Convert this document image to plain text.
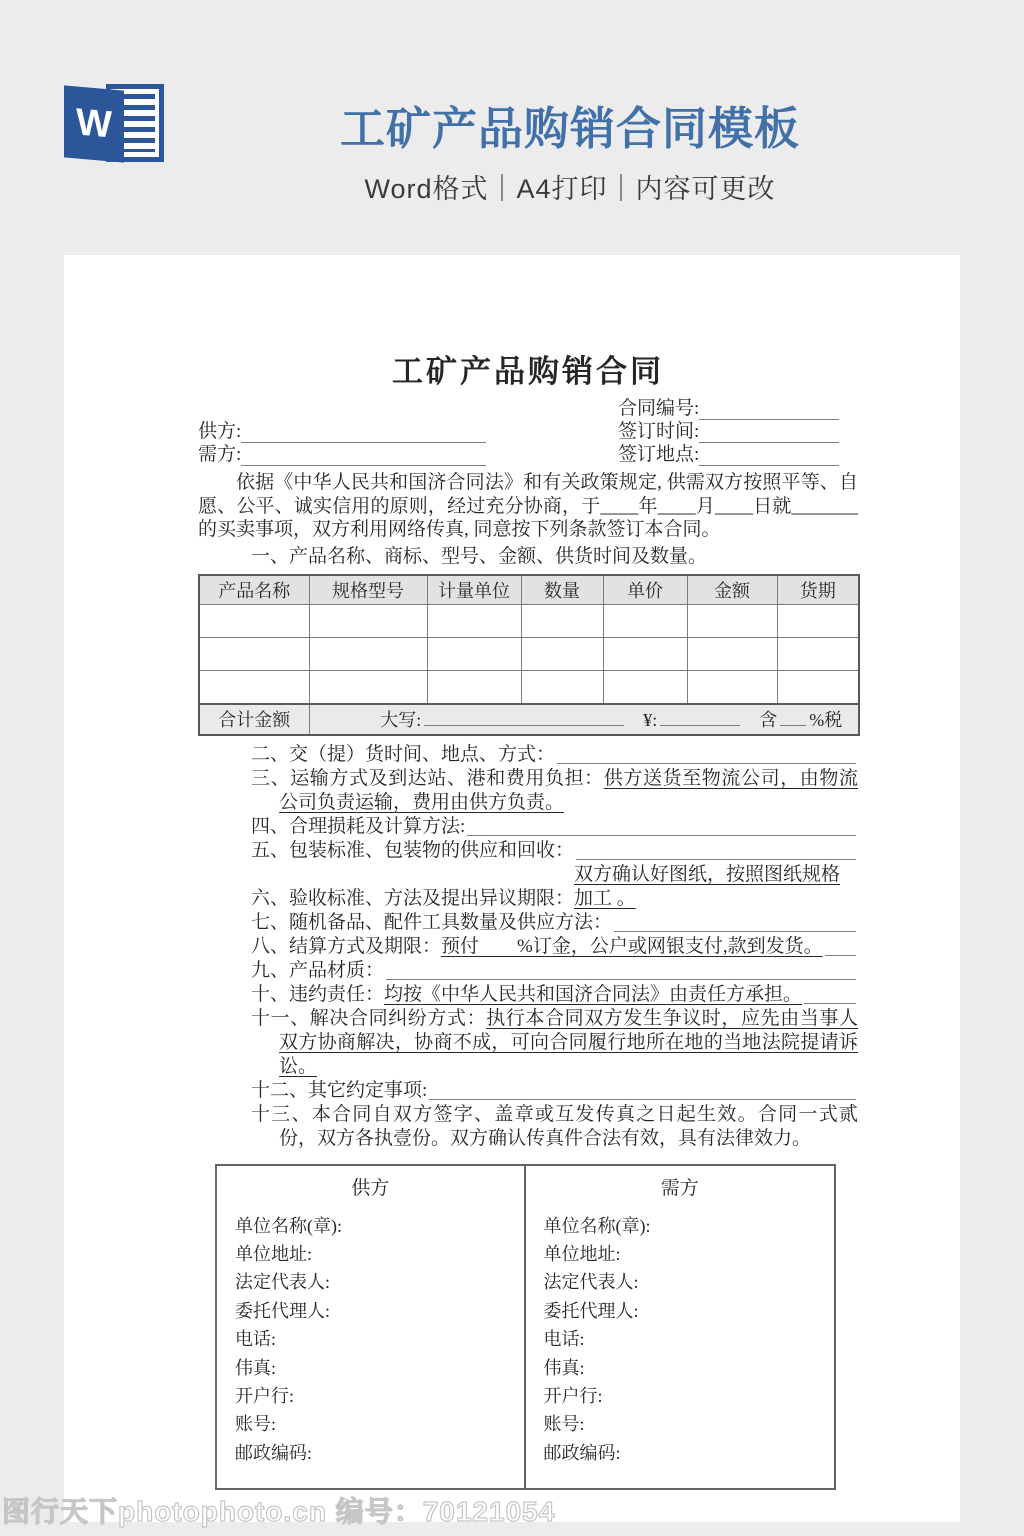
W	工矿产品购销合同模板
Word格式｜A4打印｜内容可更改
工矿产品购销合同
合同编号:
供方:	签订时间:
需方:	签订地点:
依据《中华人民共和国济合同法》和有关政策规定, 供需双方按照平等、自愿、公平、诚实信用的原则，经过充分协商，于____年____月____日就_______的买卖事项，双方利用网络传真, 同意按下列条款签订本合同。
一、产品名称、商标、型号、金额、供货时间及数量。
产品名称	规格型号	计量单位	数量	单价	金额	货期

合计金额	大写: ¥: 含 %税					
二、交（提）货时间、地点、方式：
三、运输方式及到达站、港和费用负担：供方送货至物流公司，由物流公司负责运输，费用由供方负责。
四、合理损耗及计算方法:
五、包装标准、包装物的供应和回收：
六、验收标准、方法及提出异议期限：
双方确认好图纸，按照图纸规格加工 。
七、随机备品、配件工具数量及供应方法：
八、结算方式及期限： 预付　　%订金，公户或网银支付,款到发货。
九、产品材质：
十、违约责任： 均按《中华人民共和国济合同法》由责任方承担。
十一、解决合同纠纷方式：执行本合同双方发生争议时，应先由当事人双方协商解决，协商不成，可向合同履行地所在地的当地法院提请诉讼。
十二、其它约定事项:
十三、本合同自双方签字、盖章或互发传真之日起生效。合同一式贰份，双方各执壹份。双方确认传真件合法有效，具有法律效力。
供方
单位名称(章):
单位地址:
法定代表人:
委托代理人:
电话:
伟真:
开户行:
账号:
邮政编码:
需方
单位名称(章):
单位地址:
法定代表人:
委托代理人:
电话:
伟真:
开户行:
账号:
邮政编码:
图行天下photophoto.cn 编号：70121054
